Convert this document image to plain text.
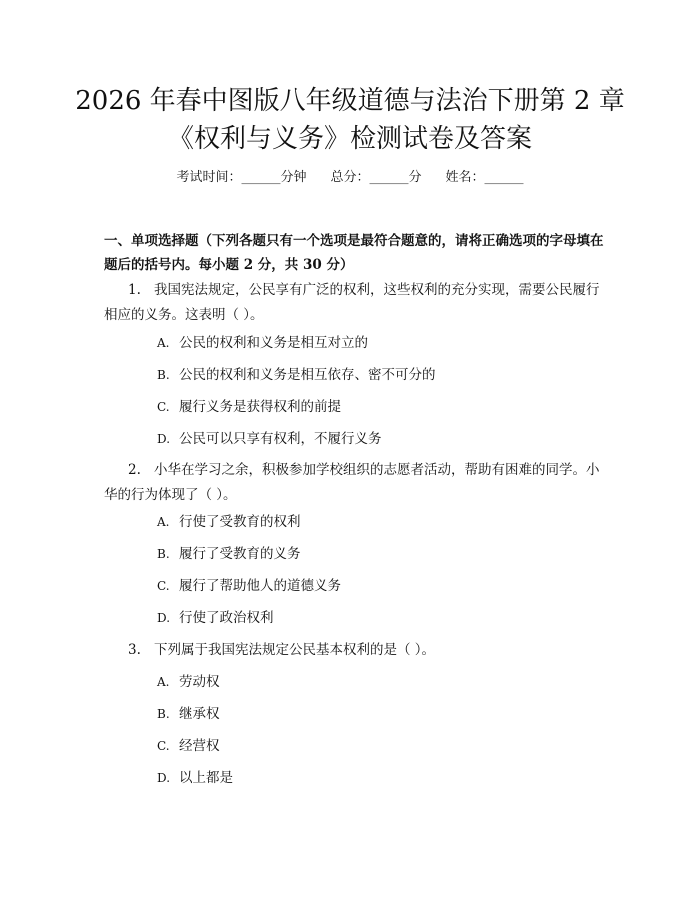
2026 年春中图版八年级道德与法治下册第 2 章《权利与义务》检测试卷及答案
考试时间：______分钟 总分：______分 姓名：______

一、单项选择题（下列各题只有一个选项是最符合题意的，请将正确选项的字母填在题后的括号内。每小题 2 分，共 30 分）

1. 我国宪法规定，公民享有广泛的权利，这些权利的充分实现，需要公民履行相应的义务。这表明（ ）。
A. 公民的权利和义务是相互对立的
B. 公民的权利和义务是相互依存、密不可分的
C. 履行义务是获得权利的前提
D. 公民可以只享有权利，不履行义务
2. 小华在学习之余，积极参加学校组织的志愿者活动，帮助有困难的同学。小华的行为体现了（ ）。
A. 行使了受教育的权利
B. 履行了受教育的义务
C. 履行了帮助他人的道德义务
D. 行使了政治权利
3. 下列属于我国宪法规定公民基本权利的是（ ）。
A. 劳动权
B. 继承权
C. 经营权
D. 以上都是
